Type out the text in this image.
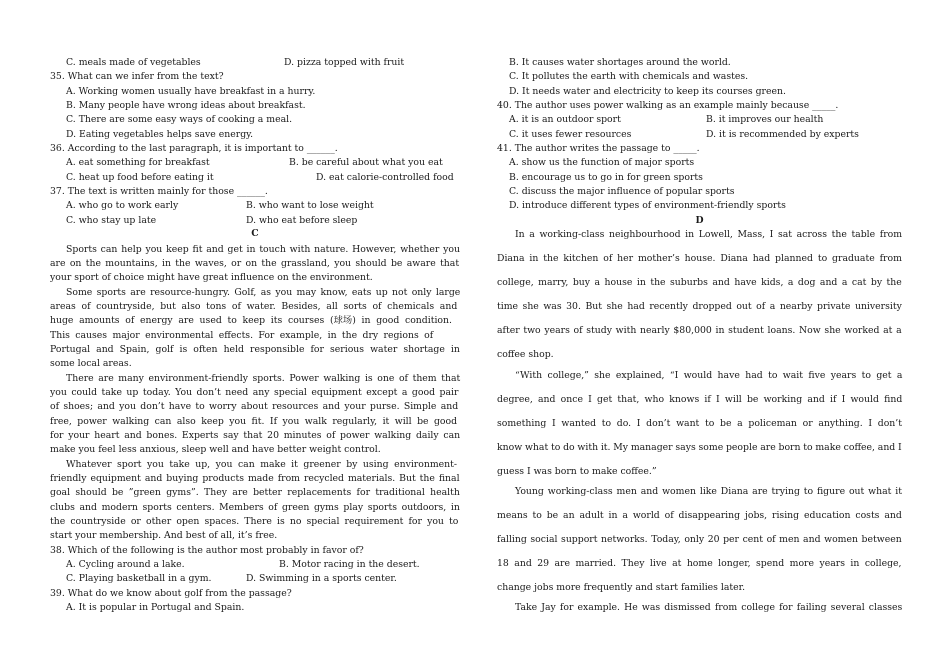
C. meals made of vegetables	D. pizza topped with fruit
35. What can we infer from the text?
A. Working women usually have breakfast in a hurry.
B. Many people have wrong ideas about breakfast.
C. There are some easy ways of cooking a meal.
D. Eating vegetables helps save energy.
36. According to the last paragraph, it is important to ______.
A. eat something for breakfast	B. be careful about what you eat
C. heat up food before eating it	D. eat calorie-controlled food
37. The text is written mainly for those ______.
A. who go to work early	B. who want to lose weight
C. who stay up late	D. who eat before sleep
C
Sports can help you keep fit and get in touch with nature. However, whether you
are on the mountains, in the waves, or on the grassland, you should be aware that
your sport of choice might have great influence on the environment.
Some sports are resource-hungry. Golf, as you may know, eats up not only large
areas of countryside, but also tons of water. Besides, all sorts of chemicals and
huge amounts of energy are used to keep its courses (球场) in good condition.
This causes major environmental effects. For example, in the dry regions of
Portugal and Spain, golf is often held responsible for serious water shortage in
some local areas.
There are many environment-friendly sports. Power walking is one of them that
you could take up today. You don’t need any special equipment except a good pair
of shoes; and you don’t have to worry about resources and your purse. Simple and
free, power walking can also keep you fit. If you walk regularly, it will be good
for your heart and bones. Experts say that 20 minutes of power walking daily can
make you feel less anxious, sleep well and have better weight control.
Whatever sport you take up, you can make it greener by using environment-
friendly equipment and buying products made from recycled materials. But the final
goal should be ”green gyms”. They are better replacements for traditional health
clubs and modern sports centers. Members of green gyms play sports outdoors, in
the countryside or other open spaces. There is no special requirement for you to
start your membership. And best of all, it’s free.
38. Which of the following is the author most probably in favor of?
A. Cycling around a lake.	B. Motor racing in the desert.
C. Playing basketball in a gym.	D. Swimming in a sports center.
39. What do we know about golf from the passage?
A. It is popular in Portugal and Spain.
B. It causes water shortages around the world.
C. It pollutes the earth with chemicals and wastes.
D. It needs water and electricity to keep its courses green.
40. The author uses power walking as an example mainly because _____.
A. it is an outdoor sport	B. it improves our health
C. it uses fewer resources	D. it is recommended by experts
41. The author writes the passage to _____.
A. show us the function of major sports
B. encourage us to go in for green sports
C. discuss the major influence of popular sports
D. introduce different types of environment-friendly sports
D
In a working-class neighbourhood in Lowell, Mass, I sat across the table from
Diana in the kitchen of her mother’s house. Diana had planned to graduate from
college, marry, buy a house in the suburbs and have kids, a dog and a cat by the
time she was 30. But she had recently dropped out of a nearby private university
after two years of study with nearly $80,000 in student loans. Now she worked at a
coffee shop.
“With college,” she explained, “I would have had to wait five years to get a
degree, and once I get that, who knows if I will be working and if I would find
something I wanted to do. I don’t want to be a policeman or anything. I don’t
know what to do with it. My manager says some people are born to make coffee, and I
guess I was born to make coffee.”
Young working-class men and women like Diana are trying to figure out what it
means to be an adult in a world of disappearing jobs, rising education costs and
falling social support networks. Today, only 20 per cent of men and women between
18 and 29 are married. They live at home longer, spend more years in college,
change jobs more frequently and start families later.
Take Jay for example. He was dismissed from college for failing several classes
